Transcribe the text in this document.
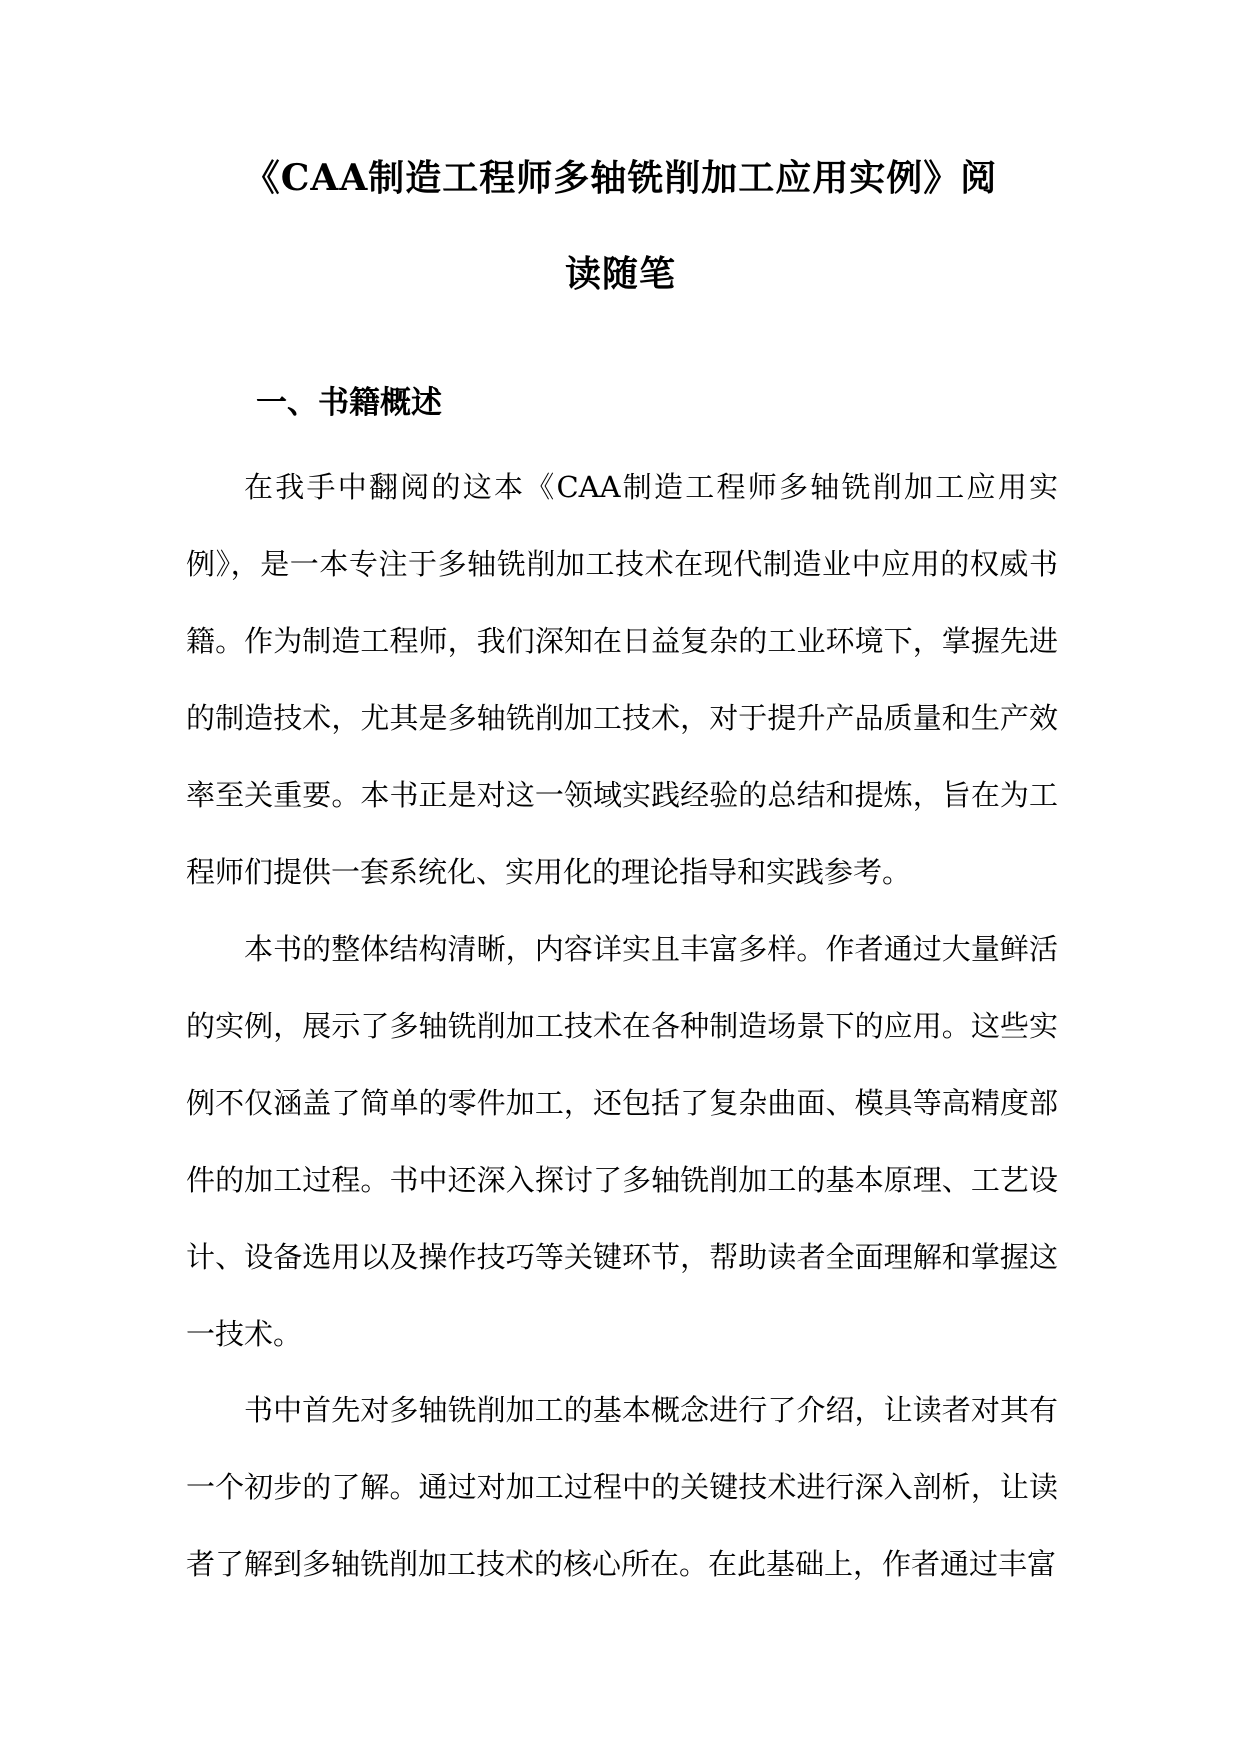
《CAA制造工程师多轴铣削加工应用实例》阅
读随笔
一、书籍概述

在我手中翻阅的这本《CAA制造工程师多轴铣削加工应用实例》，是一本专注于多轴铣削加工技术在现代制造业中应用的权威书籍。作为制造工程师，我们深知在日益复杂的工业环境下，掌握先进的制造技术，尤其是多轴铣削加工技术，对于提升产品质量和生产效率至关重要。本书正是对这一领域实践经验的总结和提炼，旨在为工程师们提供一套系统化、实用化的理论指导和实践参考。

本书的整体结构清晰，内容详实且丰富多样。作者通过大量鲜活的实例，展示了多轴铣削加工技术在各种制造场景下的应用。这些实例不仅涵盖了简单的零件加工，还包括了复杂曲面、模具等高精度部件的加工过程。书中还深入探讨了多轴铣削加工的基本原理、工艺设计、设备选用以及操作技巧等关键环节，帮助读者全面理解和掌握这一技术。

书中首先对多轴铣削加工的基本概念进行了介绍，让读者对其有一个初步的了解。通过对加工过程中的关键技术进行深入剖析，让读者了解到多轴铣削加工技术的核心所在。在此基础上，作者通过丰富
